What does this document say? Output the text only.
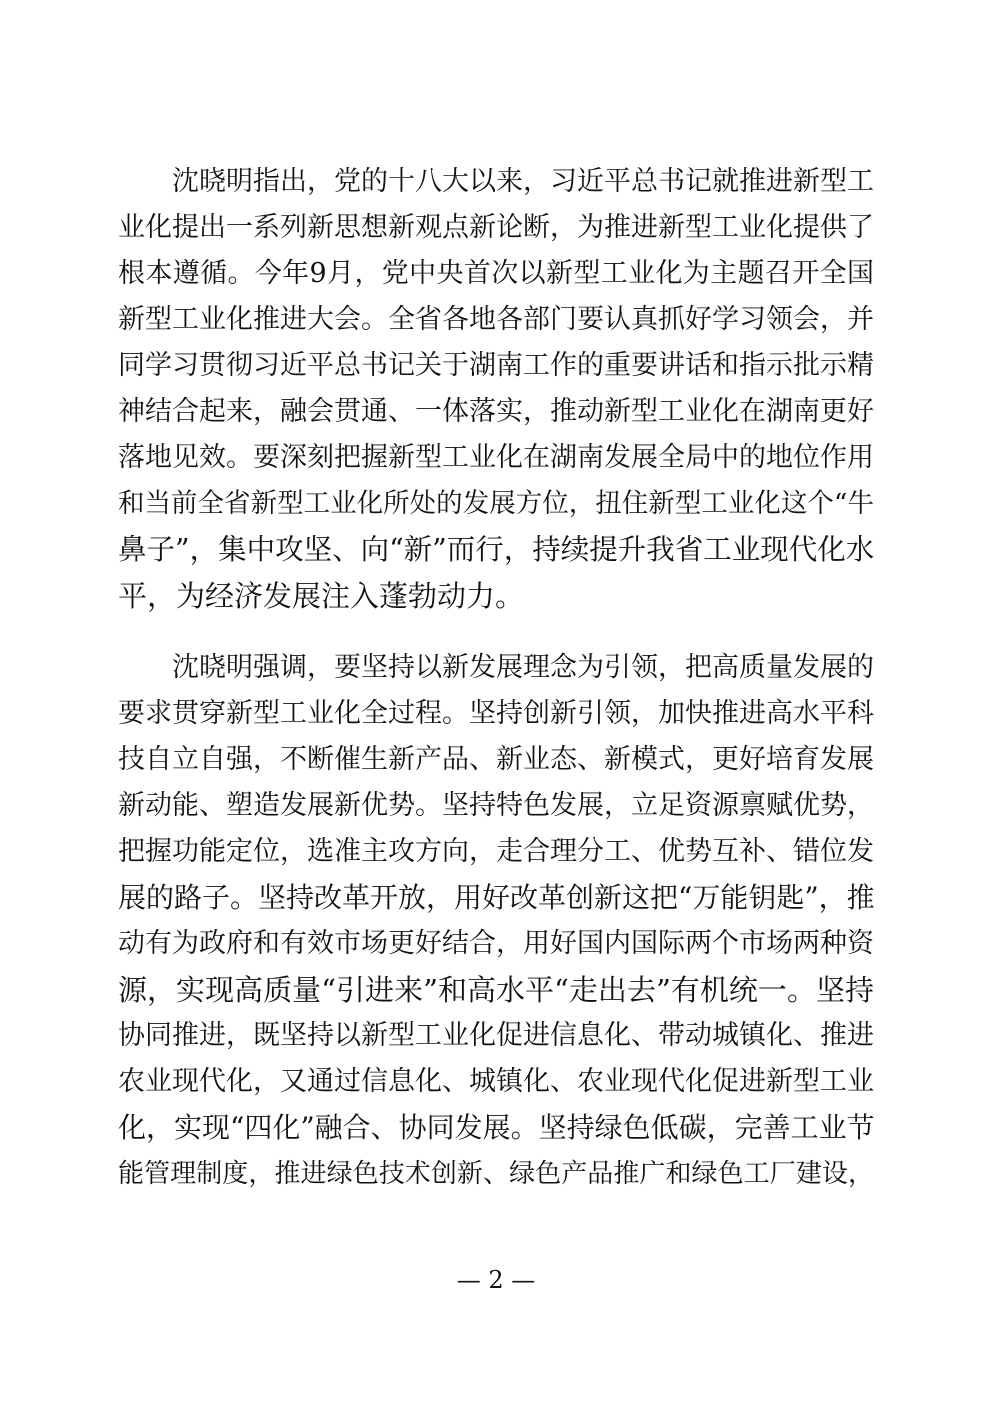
沈晓明指出，党的十八大以来，习近平总书记就推进新型工
业化提出一系列新思想新观点新论断，为推进新型工业化提供了
根本遵循。今年9月，党中央首次以新型工业化为主题召开全国
新型工业化推进大会。全省各地各部门要认真抓好学习领会，并
同学习贯彻习近平总书记关于湖南工作的重要讲话和指示批示精
神结合起来，融会贯通、一体落实，推动新型工业化在湖南更好
落地见效。要深刻把握新型工业化在湖南发展全局中的地位作用
和当前全省新型工业化所处的发展方位，扭住新型工业化这个“牛
鼻子”，集中攻坚、向“新”而行，持续提升我省工业现代化水
平，为经济发展注入蓬勃动力。
沈晓明强调，要坚持以新发展理念为引领，把高质量发展的
要求贯穿新型工业化全过程。坚持创新引领，加快推进高水平科
技自立自强，不断催生新产品、新业态、新模式，更好培育发展
新动能、塑造发展新优势。坚持特色发展，立足资源禀赋优势，
把握功能定位，选准主攻方向，走合理分工、优势互补、错位发
展的路子。坚持改革开放，用好改革创新这把“万能钥匙”，推
动有为政府和有效市场更好结合，用好国内国际两个市场两种资
源，实现高质量“引进来”和高水平“走出去”有机统一。坚持
协同推进，既坚持以新型工业化促进信息化、带动城镇化、推进
农业现代化，又通过信息化、城镇化、农业现代化促进新型工业
化，实现“四化”融合、协同发展。坚持绿色低碳，完善工业节
能管理制度，推进绿色技术创新、绿色产品推广和绿色工厂建设，
— 2 —
